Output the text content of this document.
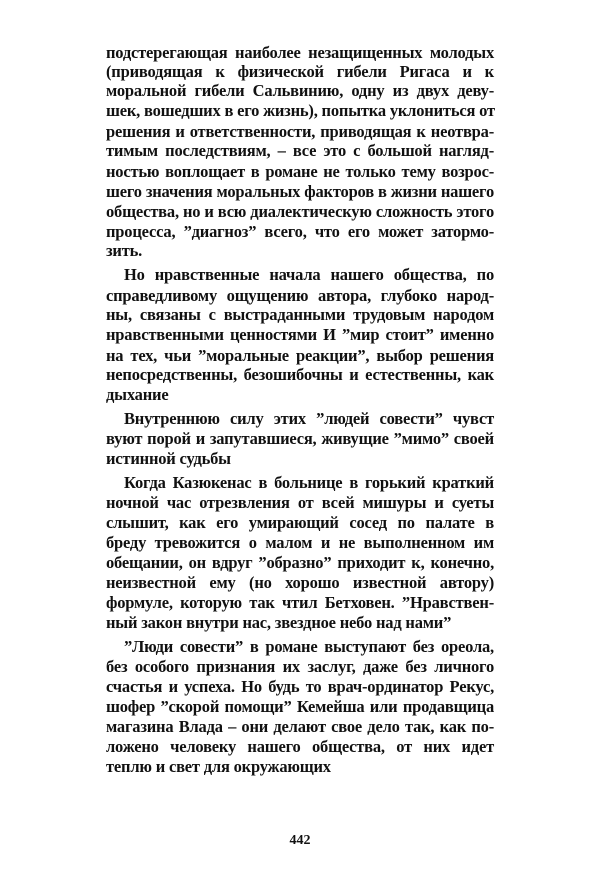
подстерегающая наиболее незащищенных молодых
(приводящая к физической гибели Ригаса и к
моральной гибели Сальвинию, одну из двух деву-
шек, вошедших в его жизнь), попытка уклониться от
решения и ответственности, приводящая к неотвра-
тимым последствиям, – все это с большой нагляд-
ностью воплощает в романе не только тему возрос-
шего значения моральных факторов в жизни нашего
общества, но и всю диалектическую сложность этого
процесса, ”диагноз” всего, что его может затормо-
зить.
Но нравственные начала нашего общества, по
справедливому ощущению автора, глубоко народ-
ны, связаны с выстраданными трудовым народом
нравственными ценностями И ”мир стоит” именно
на тех, чьи ”моральные реакции”, выбор решения
непосредственны, безошибочны и естественны, как
дыхание
Внутреннюю силу этих ”людей совести” чувст
вуют порой и запутавшиеся, живущие ”мимо” своей
истинной судьбы
Когда Казюкенас в больнице в горький краткий
ночной час отрезвления от всей мишуры и суеты
слышит, как его умирающий сосед по палате в
бреду тревожится о малом и не выполненном им
обещании, он вдруг ”образно” приходит к, конечно,
неизвестной ему (но хорошо известной автору)
формуле, которую так чтил Бетховен. ”Нравствен-
ный закон внутри нас, звездное небо над нами”
”Люди совести” в романе выступают без ореола,
без особого признания их заслуг, даже без личного
счастья и успеха. Но будь то врач-ординатор Рекус,
шофер ”скорой помощи” Кемейша или продавщица
магазина Влада – они делают свое дело так, как по-
ложено человеку нашего общества, от них идет
теплю и свет для окружающих
442
